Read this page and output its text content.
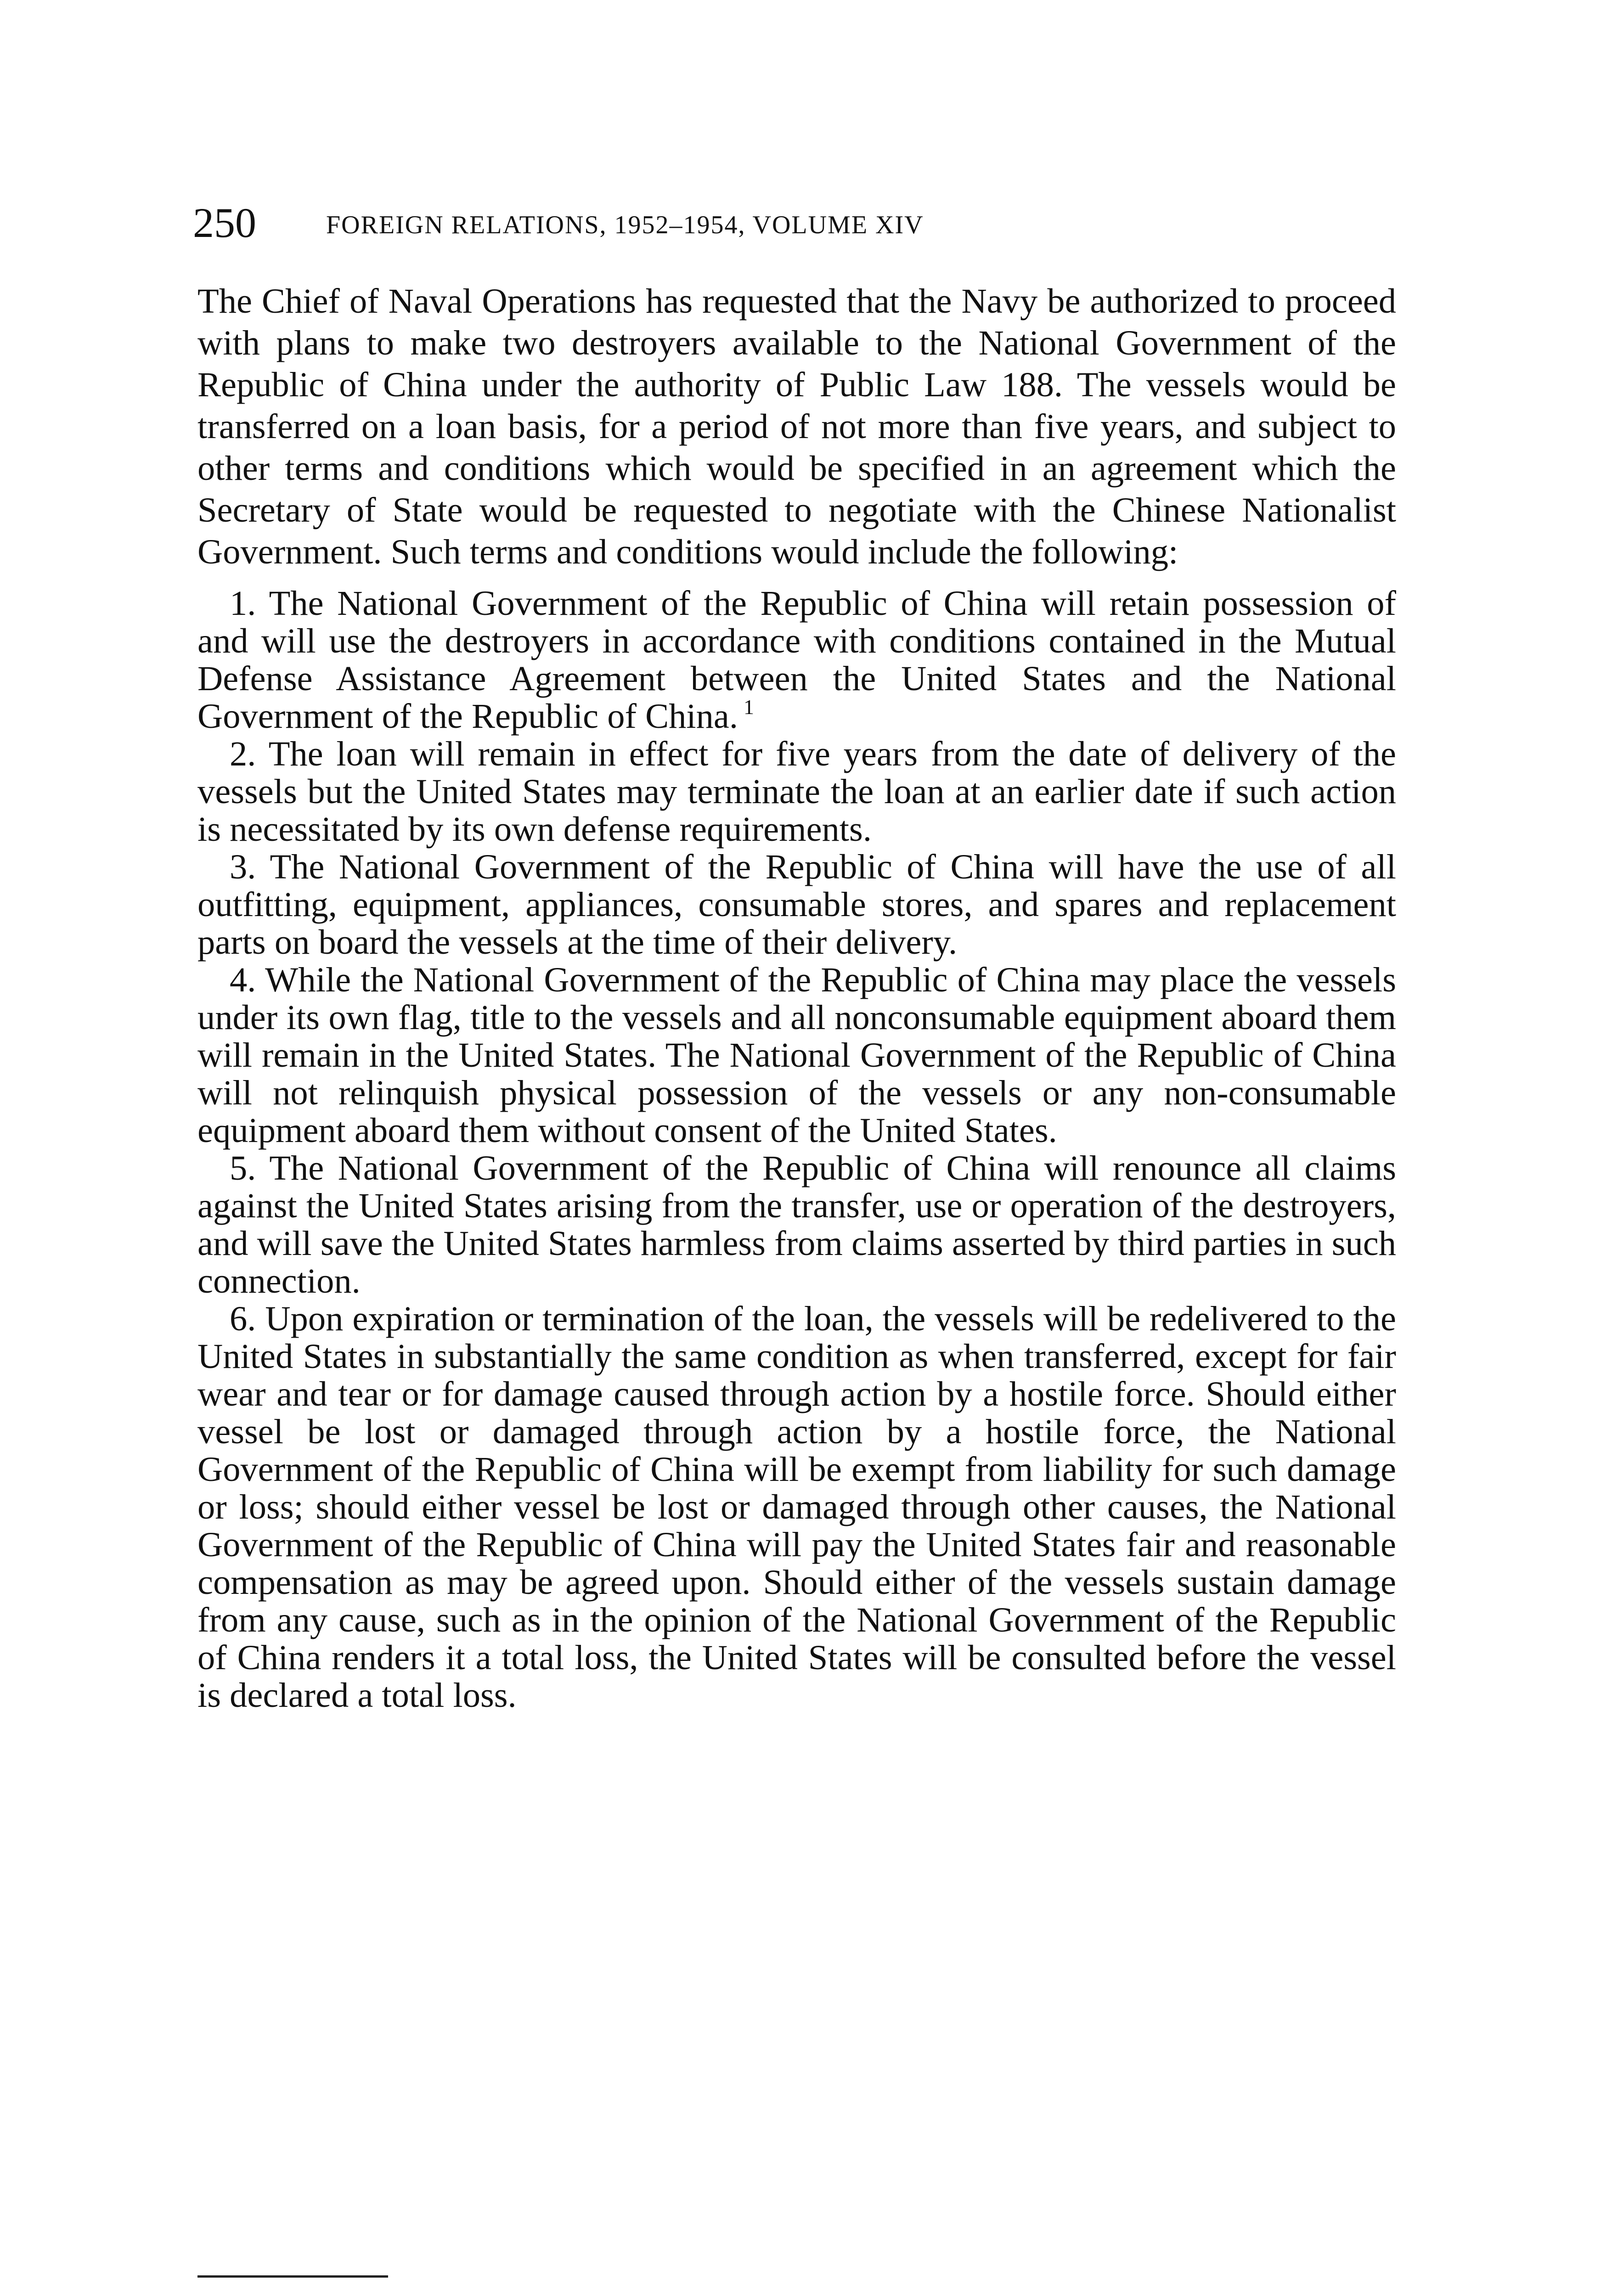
250	FOREIGN RELATIONS, 1952–1954, VOLUME XIV

The Chief of Naval Operations has requested that the Navy be authorized to proceed with plans to make two destroyers available to the National Government of the Republic of China under the authority of Public Law 188. The vessels would be transferred on a loan basis, for a period of not more than five years, and subject to other terms and conditions which would be specified in an agreement which the Secretary of State would be requested to negotiate with the Chinese Nationalist Government. Such terms and conditions would include the following:

1. The National Government of the Republic of China will retain possession of and will use the destroyers in accordance with conditions contained in the Mutual Defense Assistance Agreement between the United States and the National Government of the Republic of China. $^1$
2. The loan will remain in effect for five years from the date of delivery of the vessels but the United States may terminate the loan at an earlier date if such action is necessitated by its own defense requirements.
3. The National Government of the Republic of China will have the use of all outfitting, equipment, appliances, consumable stores, and spares and replacement parts on board the vessels at the time of their delivery.
4. While the National Government of the Republic of China may place the vessels under its own flag, title to the vessels and all nonconsumable equipment aboard them will remain in the United States. The National Government of the Republic of China will not relinquish physical possession of the vessels or any non-consumable equipment aboard them without consent of the United States.
5. The National Government of the Republic of China will renounce all claims against the United States arising from the transfer, use or operation of the destroyers, and will save the United States harmless from claims asserted by third parties in such connection.
6. Upon expiration or termination of the loan, the vessels will be redelivered to the United States in substantially the same condition as when transferred, except for fair wear and tear or for damage caused through action by a hostile force. Should either vessel be lost or damaged through action by a hostile force, the National Government of the Republic of China will be exempt from liability for such damage or loss; should either vessel be lost or damaged through other causes, the National Government of the Republic of China will pay the United States fair and reasonable compensation as may be agreed upon. Should either of the vessels sustain damage from any cause, such as in the opinion of the National Government of the Republic of China renders it a total loss, the United States will be consulted before the vessel is declared a total loss.
